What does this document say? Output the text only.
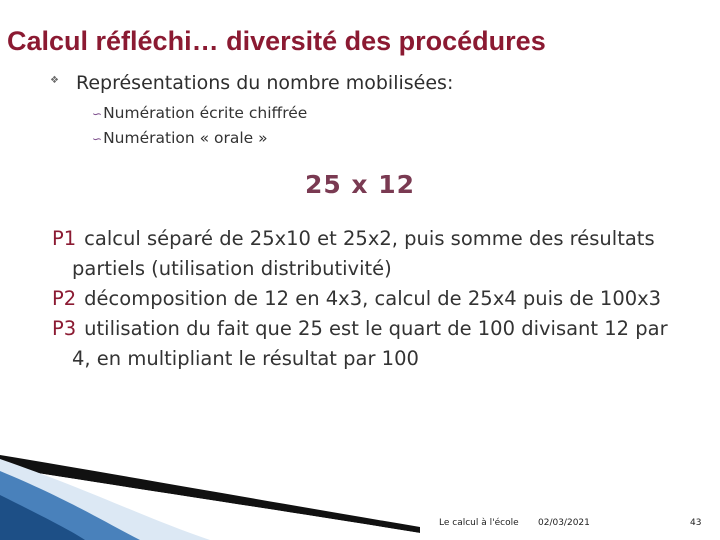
Calcul réfléchi… diversité des procédures
❖ Représentations du nombre mobilisées:
∽Numération écrite chiffrée
∽Numération « orale »
25 x 12
P1 calcul séparé de 25x10 et 25x2, puis somme des résultats partiels (utilisation distributivité)
P2 décomposition de 12 en 4x3, calcul de 25x4 puis de 100x3
P3 utilisation du fait que 25 est le quart de 100 divisant 12 par 4, en multipliant le résultat par 100
Le calcul à l'école 02/03/2021	43
